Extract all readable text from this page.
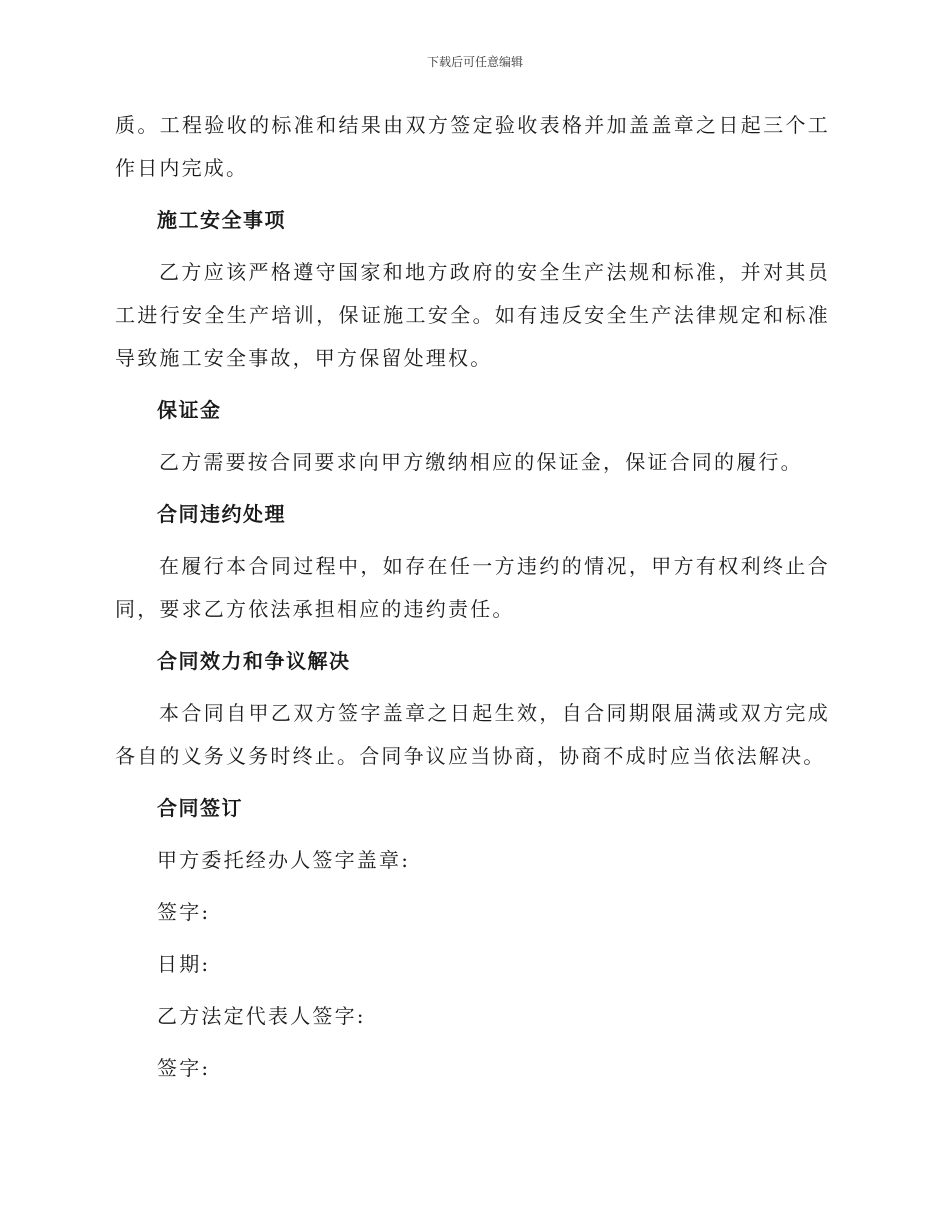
下载后可任意编辑

质。工程验收的标准和结果由双方签定验收表格并加盖盖章之日起三个工作日内完成。

施工安全事项

乙方应该严格遵守国家和地方政府的安全生产法规和标准，并对其员工进行安全生产培训，保证施工安全。如有违反安全生产法律规定和标准导致施工安全事故，甲方保留处理权。

保证金

乙方需要按合同要求向甲方缴纳相应的保证金，保证合同的履行。

合同违约处理

在履行本合同过程中，如存在任一方违约的情况，甲方有权利终止合同，要求乙方依法承担相应的违约责任。

合同效力和争议解决

本合同自甲乙双方签字盖章之日起生效，自合同期限届满或双方完成各自的义务义务时终止。合同争议应当协商，协商不成时应当依法解决。

合同签订
甲方委托经办人签字盖章:
签字:
日期:
乙方法定代表人签字:
签字:
